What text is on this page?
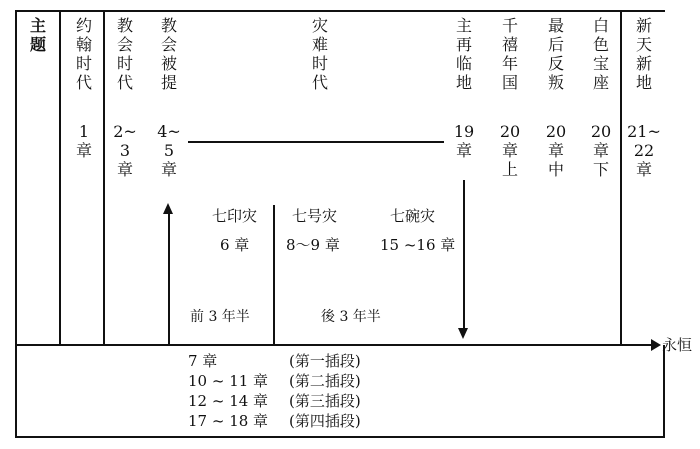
永恒
主题
约翰时代
1章
教会时代
2~3章
教会被提
4~5章
灾难时代
主再临地
19章
千禧年国
20章上
最后反叛
20章中
白色宝座
20章下
新天新地
21~22章
七印灾
6 章
七号灾
8～9 章
七碗灾
15 ~16 章
前 3 年半	後 3 年半
7 章	(第一插段)
10 ~ 11 章 (第二插段)
12 ~ 14 章 (第三插段)
17 ~ 18 章 (第四插段)
